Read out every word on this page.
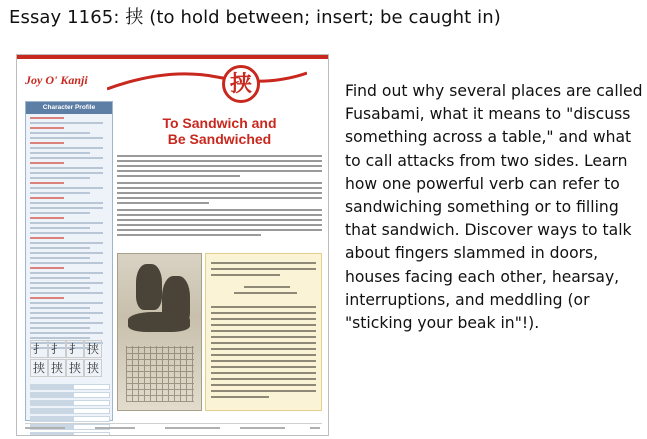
Essay 1165: 挟 (to hold between; insert; be caught in)
Joy O' Kanji	挟
Character Profile
扌 扌 扌 挟挟 挟 挟 挟
To Sandwich and
Be Sandwiched
Find out why several places are called Fusabami, what it means to "discuss something across a table," and what to call attacks from two sides. Learn how one powerful verb can refer to sandwiching something or to filling that sandwich. Discover ways to talk about fingers slammed in doors, houses facing each other, hearsay, interruptions, and meddling (or "sticking your beak in"!).
